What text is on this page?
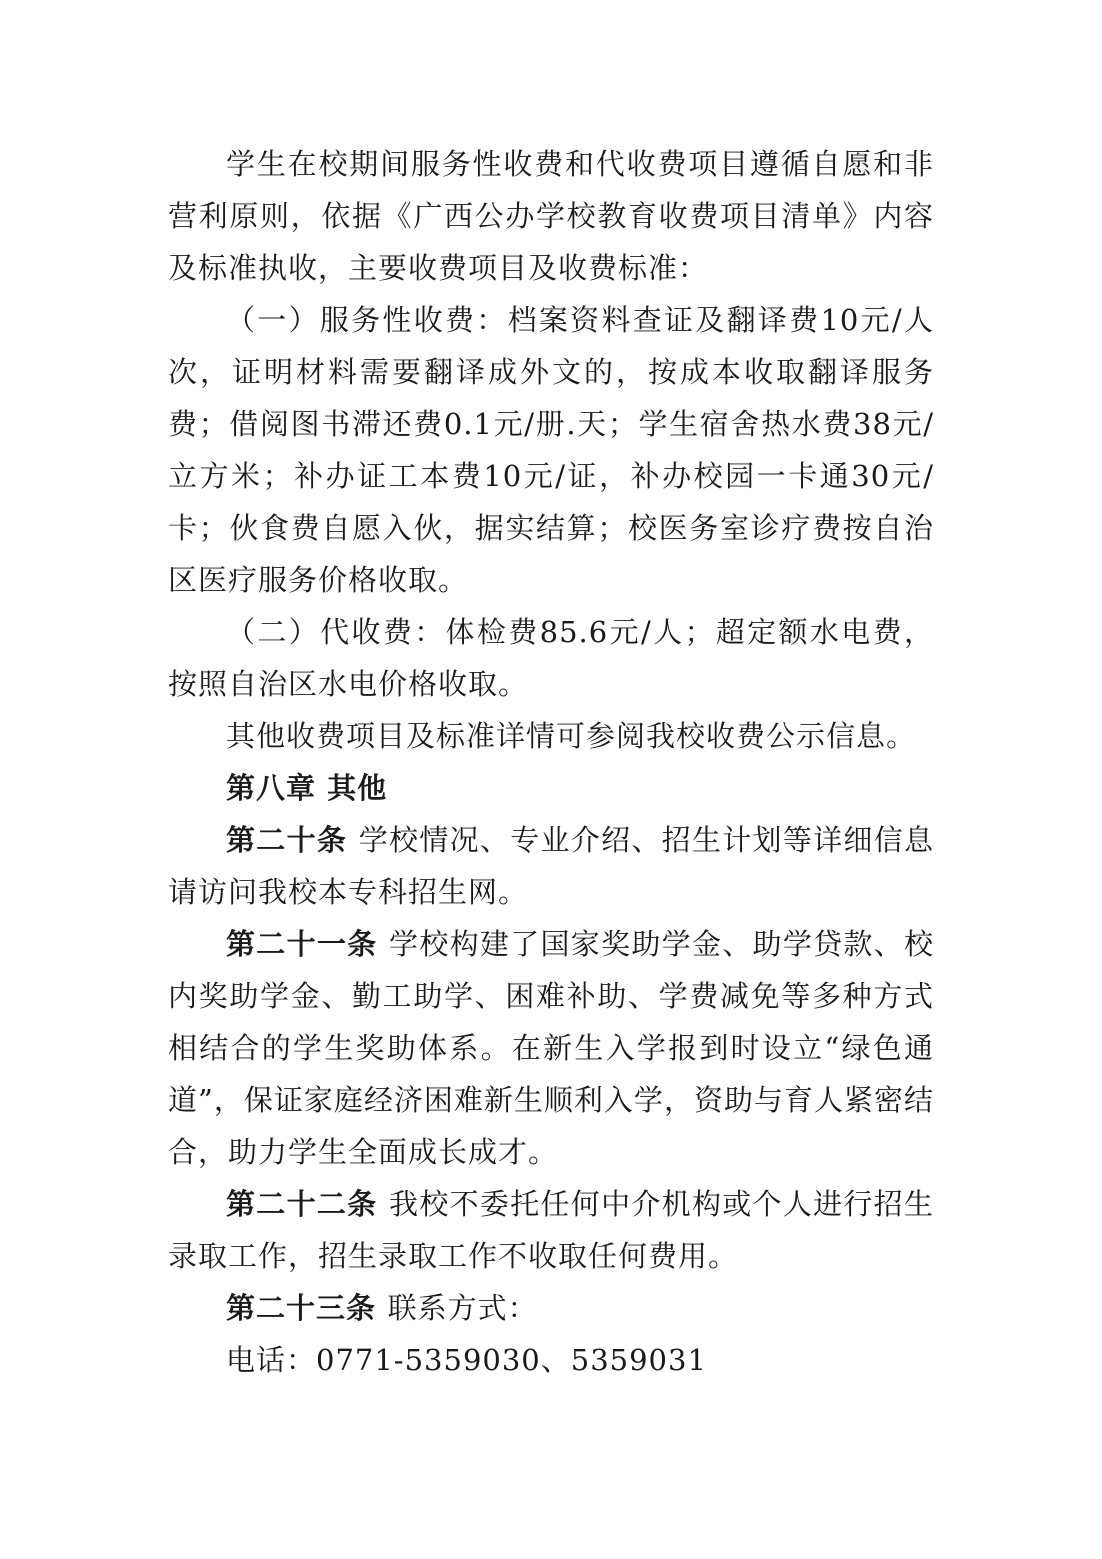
学生在校期间服务性收费和代收费项目遵循自愿和非营利原则，依据《广西公办学校教育收费项目清单》内容及标准执收，主要收费项目及收费标准：

（一）服务性收费：档案资料查证及翻译费10元/人次，证明材料需要翻译成外文的，按成本收取翻译服务费；借阅图书滞还费0.1元/册.天；学生宿舍热水费38元/立方米；补办证工本费10元/证，补办校园一卡通30元/卡；伙食费自愿入伙，据实结算；校医务室诊疗费按自治区医疗服务价格收取。

（二）代收费：体检费85.6元/人；超定额水电费，按照自治区水电价格收取。

其他收费项目及标准详情可参阅我校收费公示信息。

第八章 其他

第二十条 学校情况、专业介绍、招生计划等详细信息请访问我校本专科招生网。

第二十一条 学校构建了国家奖助学金、助学贷款、校内奖助学金、勤工助学、困难补助、学费减免等多种方式相结合的学生奖助体系。在新生入学报到时设立“绿色通道”，保证家庭经济困难新生顺利入学，资助与育人紧密结合，助力学生全面成长成才。

第二十二条 我校不委托任何中介机构或个人进行招生录取工作，招生录取工作不收取任何费用。

第二十三条 联系方式：

电话：0771-5359030、5359031
